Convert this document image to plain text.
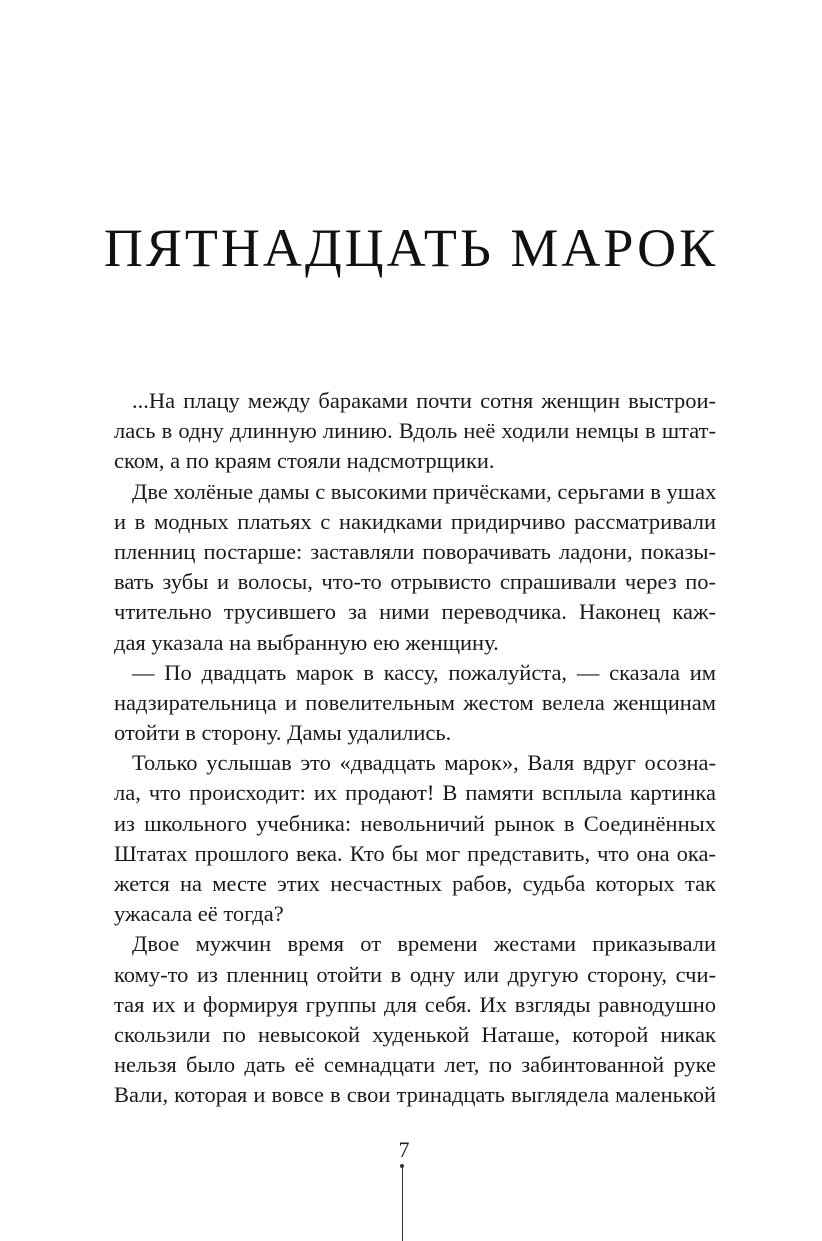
ПЯТНАДЦАТЬ МАРОК
...На плацу между бараками почти сотня женщин выстрои-
лась в одну длинную линию. Вдоль неё ходили немцы в штат-
ском, а по краям стояли надсмотрщики.
Две холёные дамы с высокими причёсками, серьгами в ушах
и в модных платьях с накидками придирчиво рассматривали
пленниц постарше: заставляли поворачивать ладони, показы-
вать зубы и волосы, что-то отрывисто спрашивали через по-
чтительно трусившего за ними переводчика. Наконец каж-
дая указала на выбранную ею женщину.
— По двадцать марок в кассу, пожалуйста, — сказала им
надзирательница и повелительным жестом велела женщинам
отойти в сторону. Дамы удалились.
Только услышав это «двадцать марок», Валя вдруг осозна-
ла, что происходит: их продают! В памяти всплыла картинка
из школьного учебника: невольничий рынок в Соединённых
Штатах прошлого века. Кто бы мог представить, что она ока-
жется на месте этих несчастных рабов, судьба которых так
ужасала её тогда?
Двое мужчин время от времени жестами приказывали
кому-то из пленниц отойти в одну или другую сторону, счи-
тая их и формируя группы для себя. Их взгляды равнодушно
скользили по невысокой худенькой Наташе, которой никак
нельзя было дать её семнадцати лет, по забинтованной руке
Вали, которая и вовсе в свои тринадцать выглядела маленькой
7
